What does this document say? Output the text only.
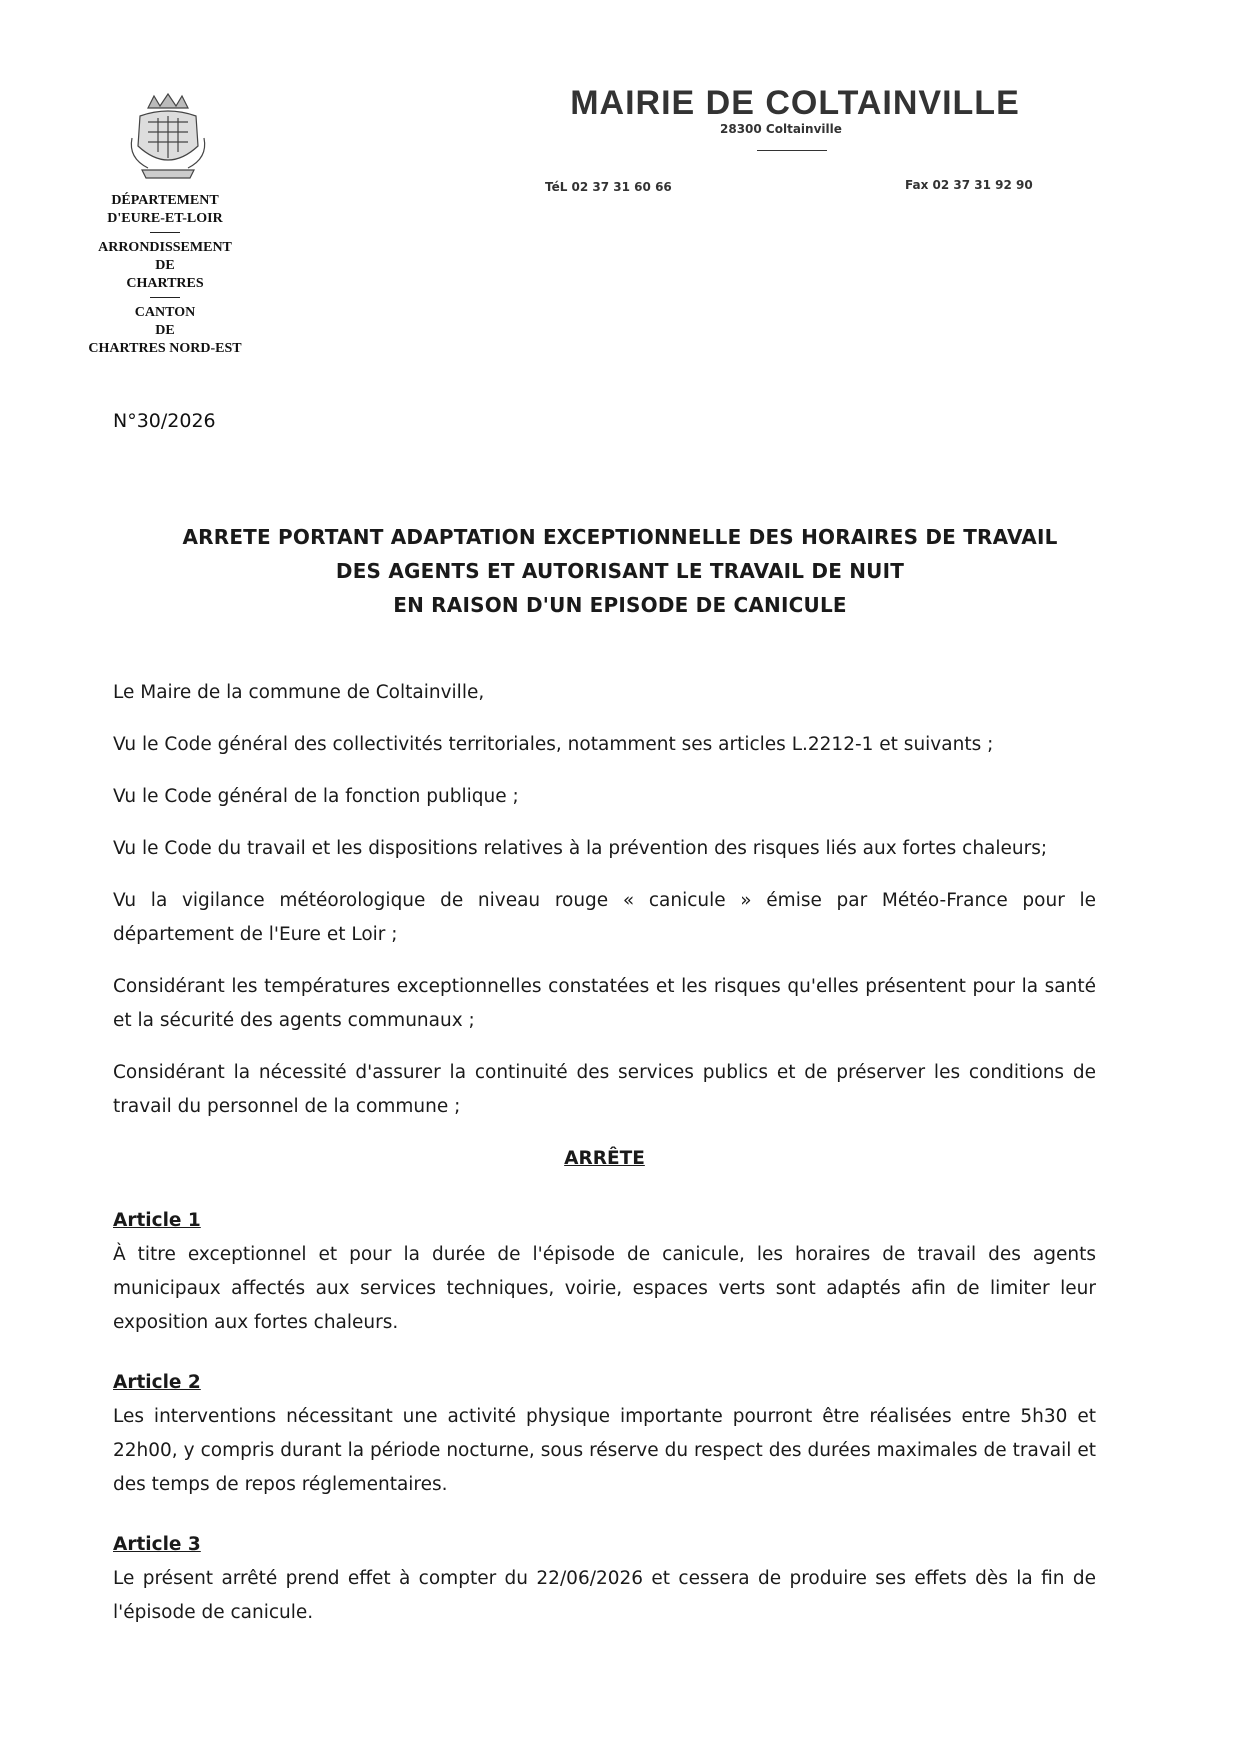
DÉPARTEMENT
D'EURE-ET-LOIR
ARRONDISSEMENT
DE
CHARTRES
CANTON
DE
CHARTRES NORD-EST
N°30/2026
MAIRIE DE COLTAINVILLE
28300 Coltainville
TéL 02 37 31 60 66	Fax 02 37 31 92 90
ARRETE PORTANT ADAPTATION EXCEPTIONNELLE DES HORAIRES DE TRAVAIL
DES AGENTS ET AUTORISANT LE TRAVAIL DE NUIT
EN RAISON D'UN EPISODE DE CANICULE

Le Maire de la commune de Coltainville,

Vu le Code général des collectivités territoriales, notamment ses articles L.2212-1 et suivants ;

Vu le Code général de la fonction publique ;

Vu le Code du travail et les dispositions relatives à la prévention des risques liés aux fortes chaleurs;

Vu la vigilance météorologique de niveau rouge « canicule » émise par Météo-France pour le département de l'Eure et Loir ;

Considérant les températures exceptionnelles constatées et les risques qu'elles présentent pour la santé et la sécurité des agents communaux ;

Considérant la nécessité d'assurer la continuité des services publics et de préserver les conditions de travail du personnel de la commune ;

ARRÊTE
Article 1

À titre exceptionnel et pour la durée de l'épisode de canicule, les horaires de travail des agents municipaux affectés aux services techniques, voirie, espaces verts sont adaptés afin de limiter leur exposition aux fortes chaleurs.

Article 2

Les interventions nécessitant une activité physique importante pourront être réalisées entre 5h30 et 22h00, y compris durant la période nocturne, sous réserve du respect des durées maximales de travail et des temps de repos réglementaires.

Article 3

Le présent arrêté prend effet à compter du 22/06/2026 et cessera de produire ses effets dès la fin de l'épisode de canicule.
